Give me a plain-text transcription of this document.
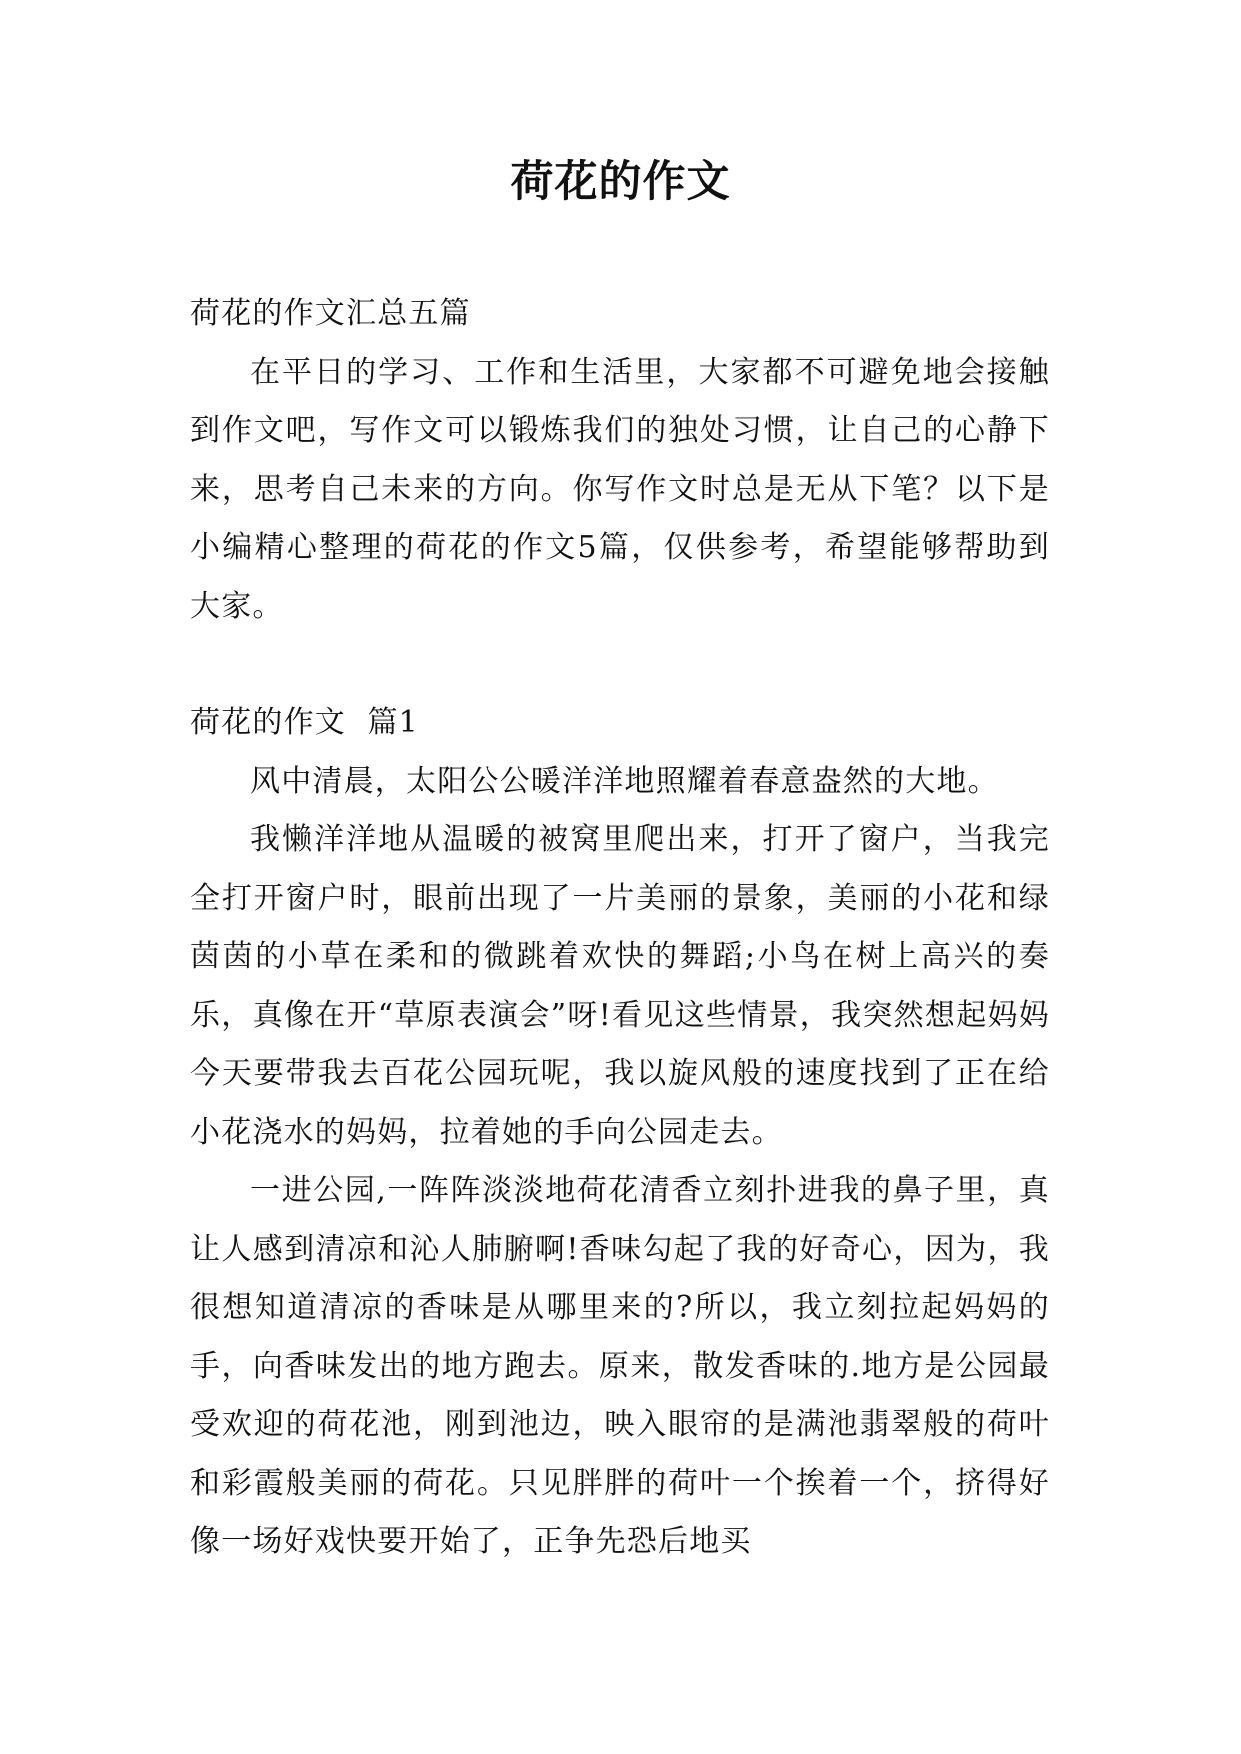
荷花的作文

荷花的作文汇总五篇

在平日的学习、工作和生活里，大家都不可避免地会接触到作文吧，写作文可以锻炼我们的独处习惯，让自己的心静下来，思考自己未来的方向。你写作文时总是无从下笔？以下是小编精心整理的荷花的作文5篇，仅供参考，希望能够帮助到大家。

荷花的作文  篇1

风中清晨，太阳公公暖洋洋地照耀着春意盎然的大地。

我懒洋洋地从温暖的被窝里爬出来，打开了窗户，当我完全打开窗户时，眼前出现了一片美丽的景象，美丽的小花和绿茵茵的小草在柔和的微跳着欢快的舞蹈;小鸟在树上高兴的奏乐，真像在开“草原表演会”呀!看见这些情景，我突然想起妈妈今天要带我去百花公园玩呢，我以旋风般的速度找到了正在给小花浇水的妈妈，拉着她的手向公园走去。

一进公园,一阵阵淡淡地荷花清香立刻扑进我的鼻子里，真让人感到清凉和沁人肺腑啊!香味勾起了我的好奇心，因为，我很想知道清凉的香味是从哪里来的?所以，我立刻拉起妈妈的手，向香味发出的地方跑去。原来，散发香味的.地方是公园最受欢迎的荷花池，刚到池边，映入眼帘的是满池翡翠般的荷叶和彩霞般美丽的荷花。只见胖胖的荷叶一个挨着一个，挤得好像一场好戏快要开始了，正争先恐后地买
